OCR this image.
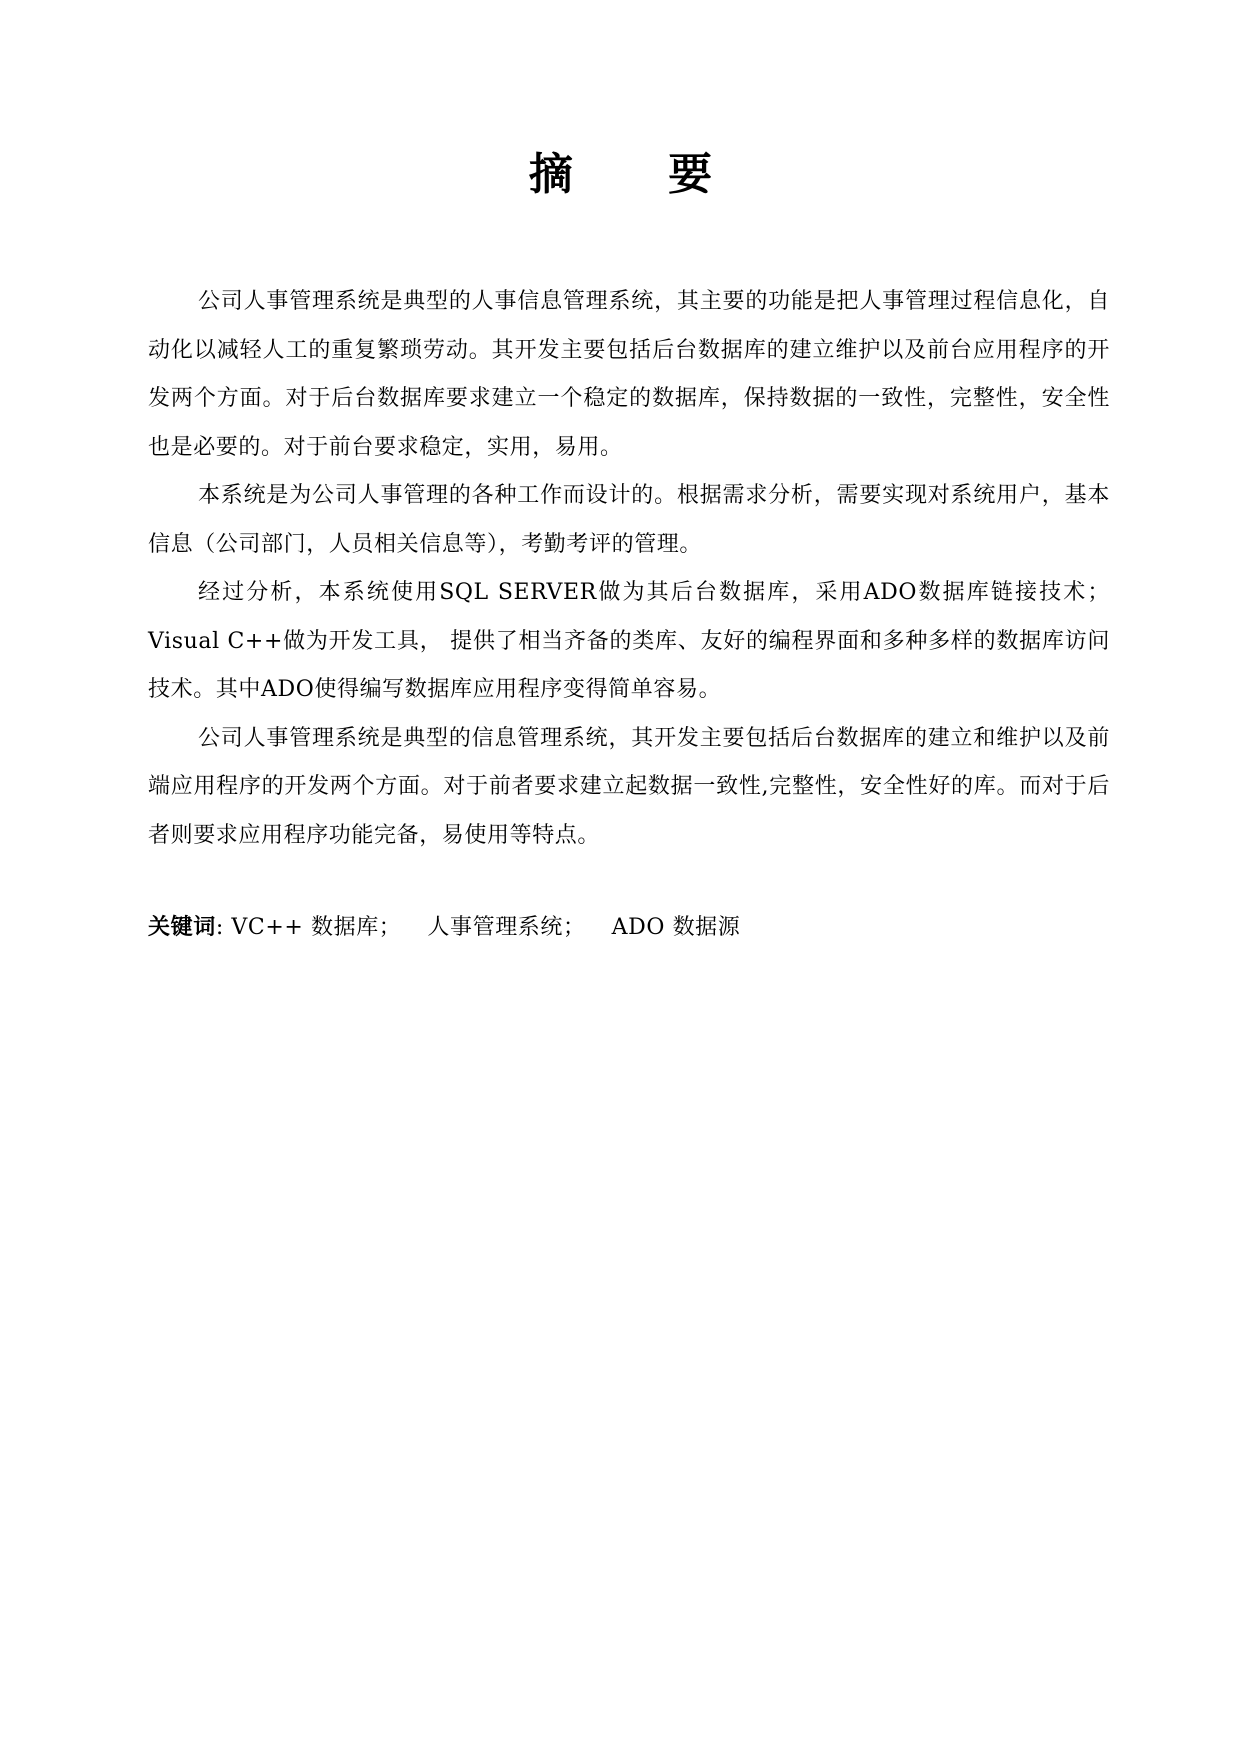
摘 要

公司人事管理系统是典型的人事信息管理系统，其主要的功能是把人事管理过程信息化，自动化以减轻人工的重复繁琐劳动。其开发主要包括后台数据库的建立维护以及前台应用程序的开发两个方面。对于后台数据库要求建立一个稳定的数据库，保持数据的一致性，完整性，安全性也是必要的。对于前台要求稳定，实用，易用。

本系统是为公司人事管理的各种工作而设计的。根据需求分析，需要实现对系统用户，基本信息（公司部门，人员相关信息等），考勤考评的管理。

经过分析，本系统使用SQL SERVER做为其后台数据库，采用ADO数据库链接技术；Visual C++做为开发工具， 提供了相当齐备的类库、友好的编程界面和多种多样的数据库访问技术。其中ADO使得编写数据库应用程序变得简单容易。

公司人事管理系统是典型的信息管理系统，其开发主要包括后台数据库的建立和维护以及前端应用程序的开发两个方面。对于前者要求建立起数据一致性,完整性，安全性好的库。而对于后者则要求应用程序功能完备，易使用等特点。

关键词: VC++ 数据库； 人事管理系统； ADO 数据源
